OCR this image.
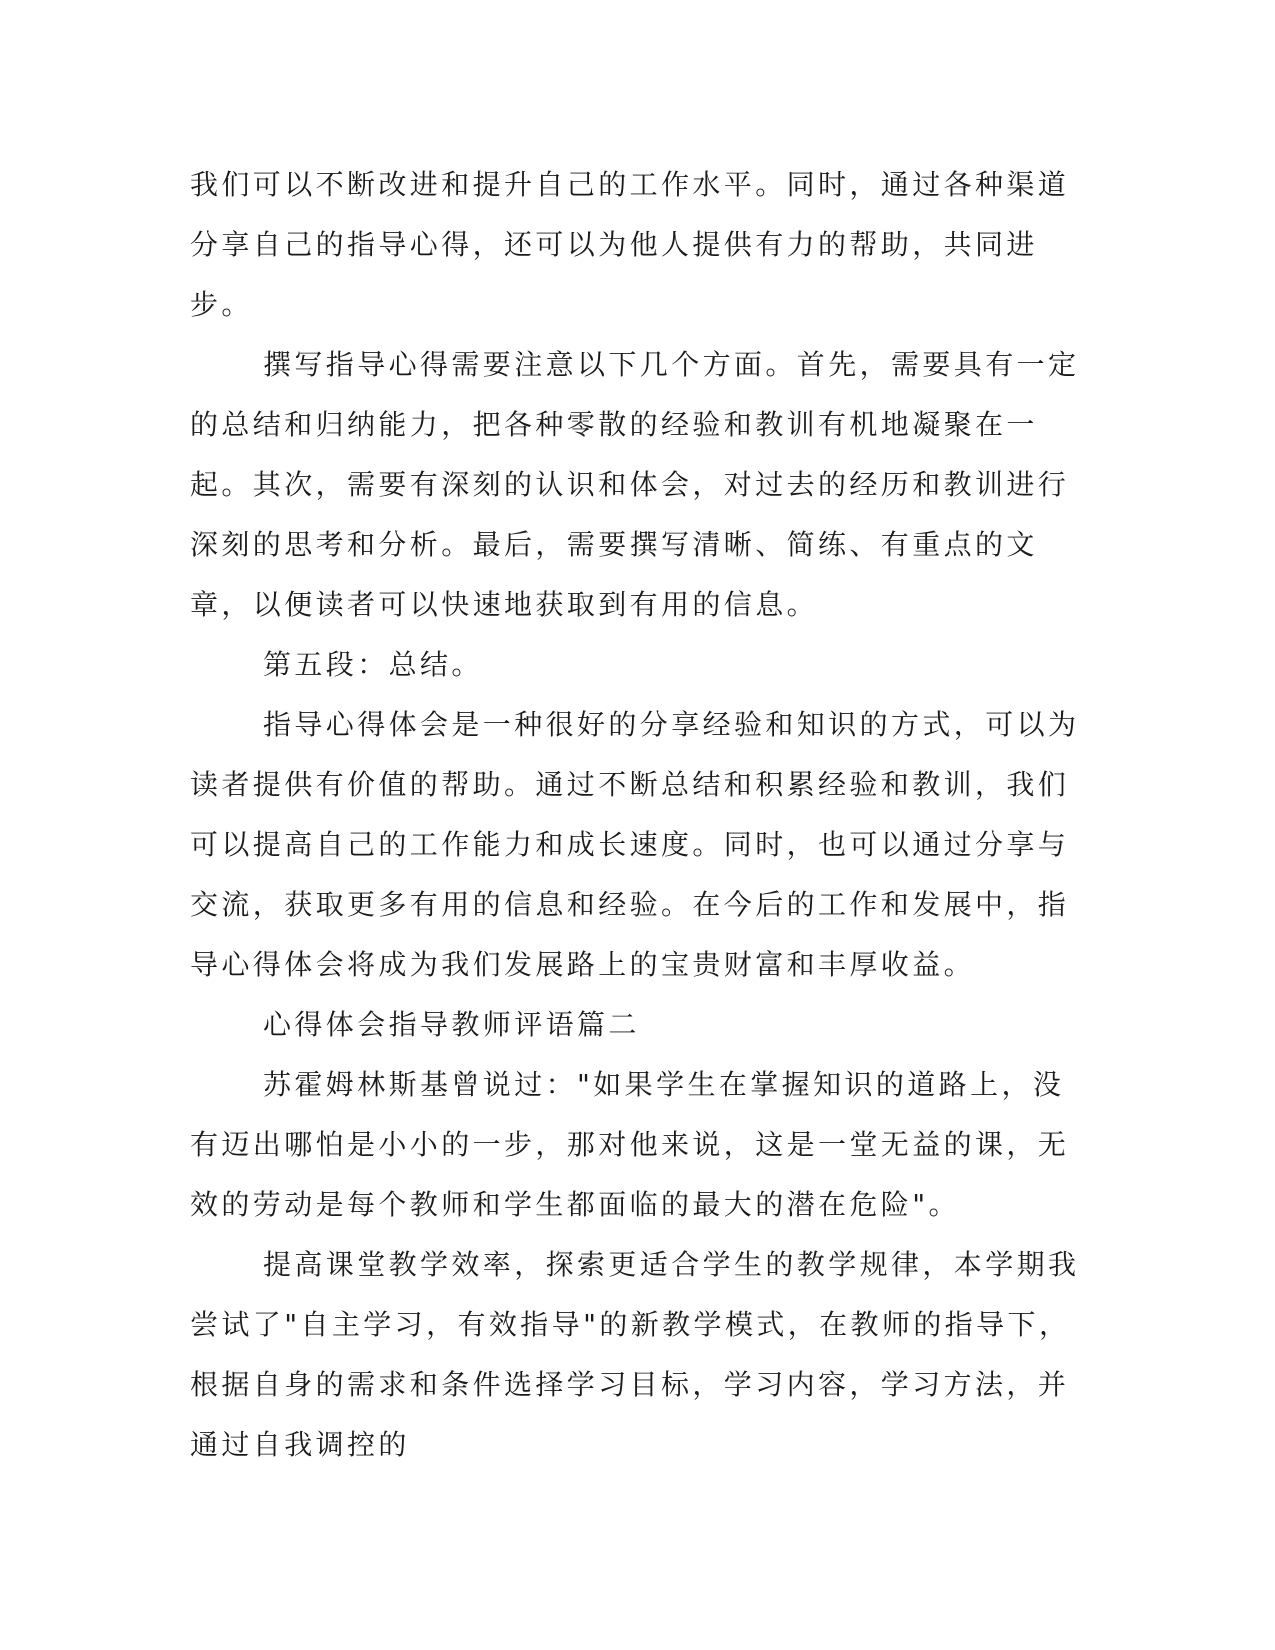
我们可以不断改进和提升自己的工作水平。同时，通过各种渠道分享自己的指导心得，还可以为他人提供有力的帮助，共同进步。

撰写指导心得需要注意以下几个方面。首先，需要具有一定的总结和归纳能力，把各种零散的经验和教训有机地凝聚在一起。其次，需要有深刻的认识和体会，对过去的经历和教训进行深刻的思考和分析。最后，需要撰写清晰、简练、有重点的文章，以便读者可以快速地获取到有用的信息。

第五段：总结。

指导心得体会是一种很好的分享经验和知识的方式，可以为读者提供有价值的帮助。通过不断总结和积累经验和教训，我们可以提高自己的工作能力和成长速度。同时，也可以通过分享与交流，获取更多有用的信息和经验。在今后的工作和发展中，指导心得体会将成为我们发展路上的宝贵财富和丰厚收益。

心得体会指导教师评语篇二

苏霍姆林斯基曾说过："如果学生在掌握知识的道路上，没有迈出哪怕是小小的一步，那对他来说，这是一堂无益的课，无效的劳动是每个教师和学生都面临的最大的潜在危险"。

提高课堂教学效率，探索更适合学生的教学规律，本学期我尝试了"自主学习，有效指导"的新教学模式，在教师的指导下，根据自身的需求和条件选择学习目标，学习内容，学习方法，并通过自我调控的
